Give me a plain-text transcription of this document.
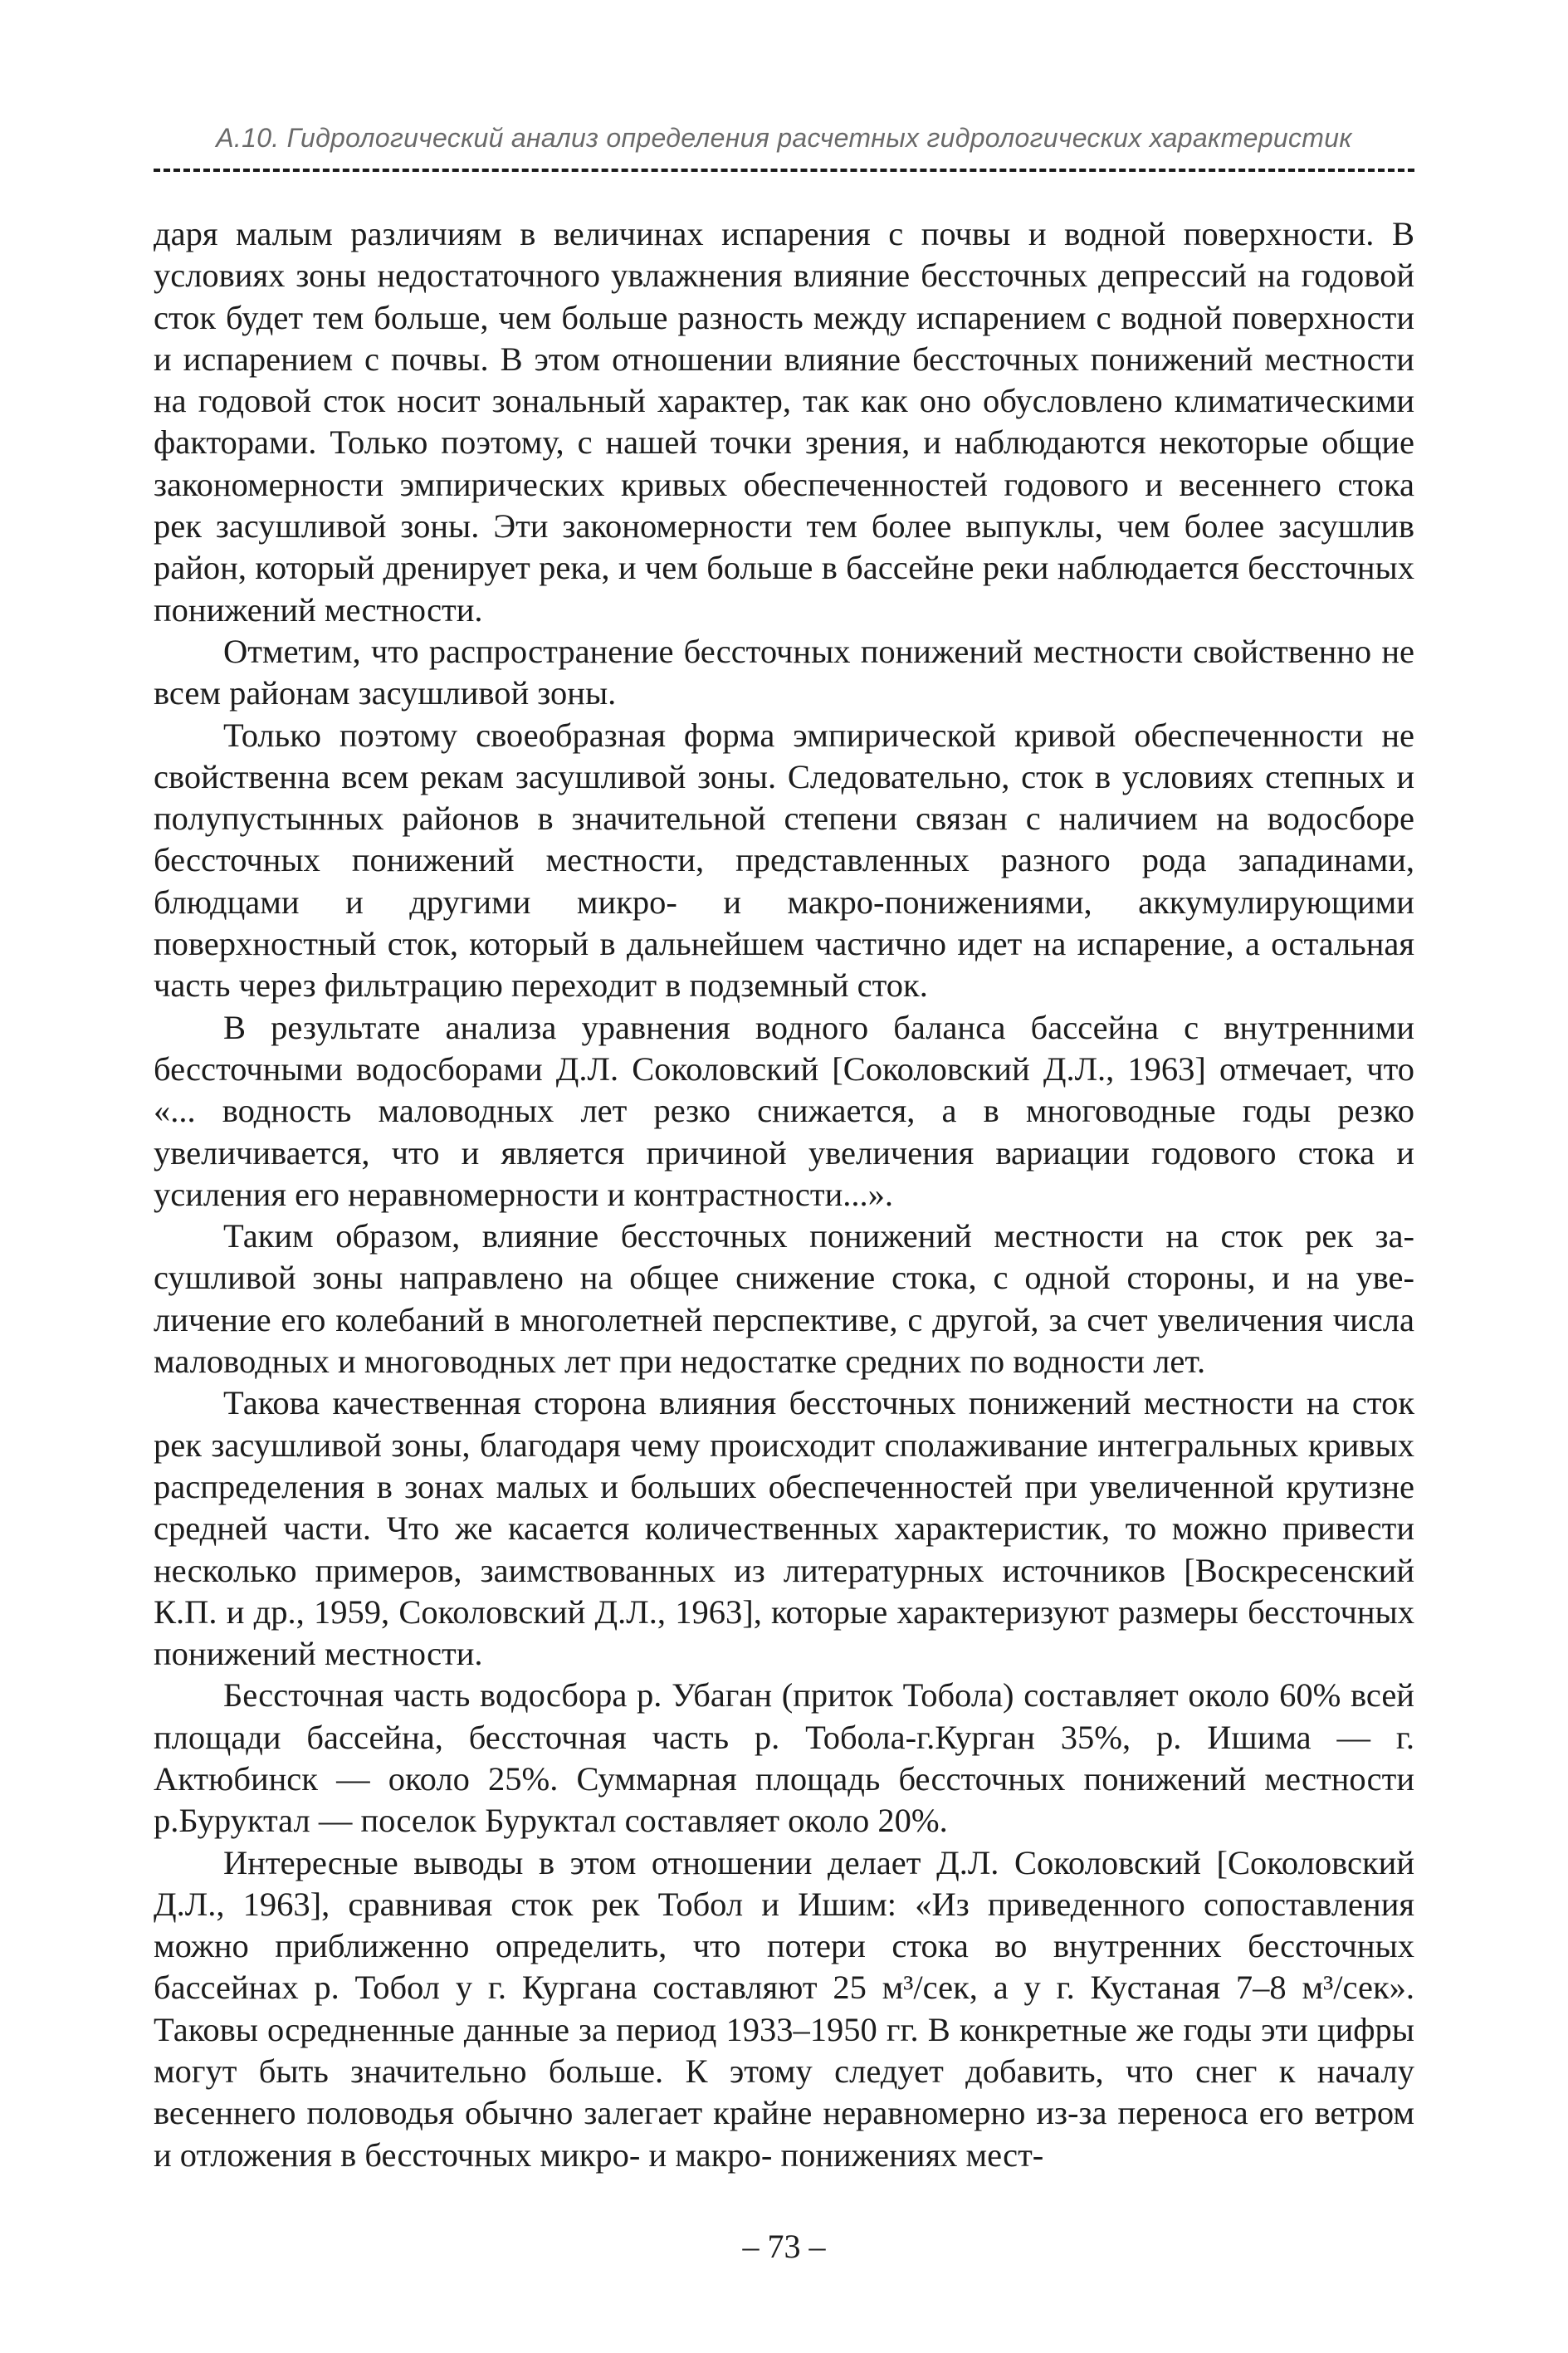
А.10. Гидрологический анализ определения расчетных гидрологических характеристик

даря малым различиям в величинах испарения с почвы и водной поверхности. В условиях зоны недостаточного увлажнения влияние бессточных депрессий на годовой сток будет тем больше, чем больше разность между испарением с водной поверхности и испарением с почвы. В этом отношении влияние бессточных понижений местности на годовой сток носит зональный характер, так как оно обусловлено климатическими факторами. Только поэтому, с нашей точки зрения, и наблюдаются некоторые общие закономерности эмпирических кривых обеспеченностей годового и весеннего стока рек засушливой зоны. Эти закономерности тем более выпуклы, чем более засушлив район, который дренирует река, и чем больше в бассейне реки наблюдается бессточных понижений местности.

Отметим, что распространение бессточных понижений местности свойственно не всем районам засушливой зоны.

Только поэтому своеобразная форма эмпирической кривой обеспеченности не свойственна всем рекам засушливой зоны. Следовательно, сток в условиях степных и полупустынных районов в значительной степени связан с наличием на водосборе бессточных понижений местности, представленных разного рода западинами, блюдцами и другими микро- и макро-понижениями, аккумулирующими поверхностный сток, который в дальнейшем частично идет на испарение, а остальная часть через фильтрацию переходит в подземный сток.

В результате анализа уравнения водного баланса бассейна с внутренними бессточными водосборами Д.Л. Соколовский [Соколовский Д.Л., 1963] отмечает, что «... водность маловодных лет резко снижается, а в многоводные годы резко увеличивается, что и является причиной увеличения вариации годового стока и усиления его неравномерности и контрастности...».

Таким образом, влияние бессточных понижений местности на сток рек засушливой зоны направлено на общее снижение стока, с одной стороны, и на увеличение его колебаний в многолетней перспективе, с другой, за счет увеличения числа маловодных и многоводных лет при недостатке средних по водности лет.

Такова качественная сторона влияния бессточных понижений местности на сток рек засушливой зоны, благодаря чему происходит сполаживание интегральных кривых распределения в зонах малых и больших обеспеченностей при увеличенной крутизне средней части. Что же касается количественных характеристик, то можно привести несколько примеров, заимствованных из литературных источников [Воскресенский К.П. и др., 1959, Соколовский Д.Л., 1963], которые характеризуют размеры бессточных понижений местности.

Бессточная часть водосбора р. Убаган (приток Тобола) составляет около 60% всей площади бассейна, бессточная часть р. Тобола-г.Курган 35%, р. Ишима — г. Актюбинск — около 25%. Суммарная площадь бессточных понижений местности р.Буруктал — поселок Буруктал составляет около 20%.

Интересные выводы в этом отношении делает Д.Л. Соколовский [Соколовский Д.Л., 1963], сравнивая сток рек Тобол и Ишим: «Из приведенного сопоставления можно приближенно определить, что потери стока во внутренних бессточных бассейнах р. Тобол у г. Кургана составляют 25 м³/сек, а у г. Кустаная 7–8 м³/сек». Таковы осредненные данные за период 1933–1950 гг. В конкретные же годы эти цифры могут быть значительно больше. К этому следует добавить, что снег к началу весеннего половодья обычно залегает крайне неравномерно из-за переноса его ветром и отложения в бессточных микро- и макро- понижениях мест-

– 73 –
